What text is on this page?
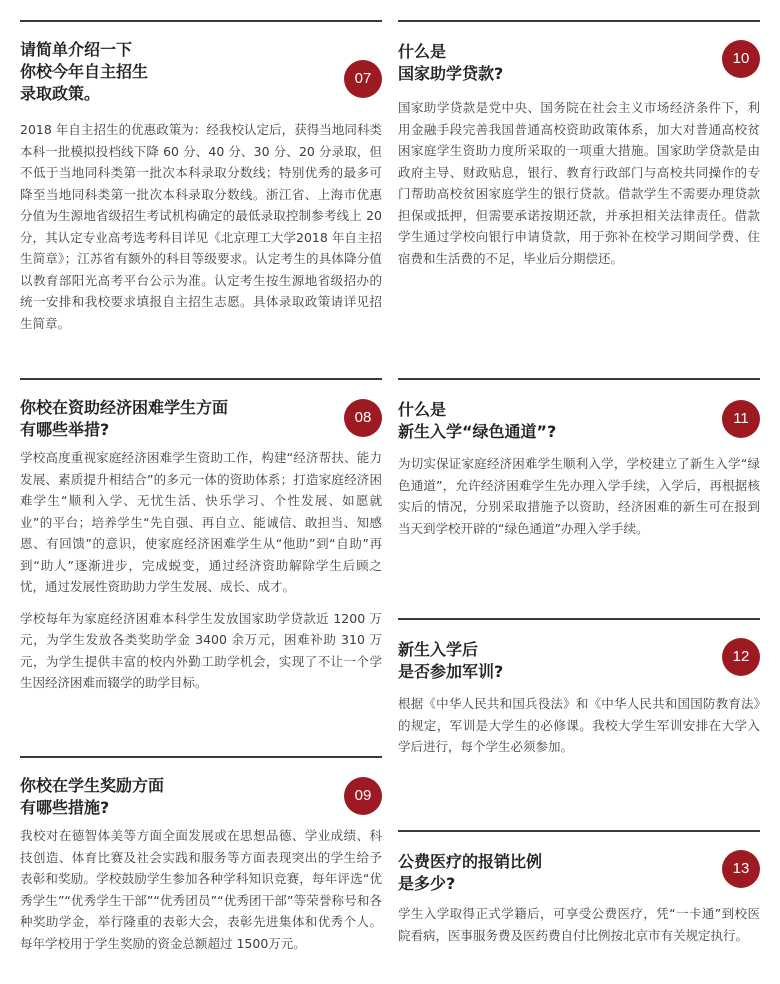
请简单介绍一下
你校今年自主招生
录取政策。
07

2018 年自主招生的优惠政策为：经我校认定后，获得当地同科类本科一批模拟投档线下降 60 分、40 分、30 分、20 分录取，但不低于当地同科类第一批次本科录取分数线；特别优秀的最多可降至当地同科类第一批次本科录取分数线。浙江省、上海市优惠分值为生源地省级招生考试机构确定的最低录取控制参考线上 20 分，其认定专业高考选考科目详见《北京理工大学2018 年自主招生简章》；江苏省有额外的科目等级要求。认定考生的具体降分值以教育部阳光高考平台公示为准。认定考生按生源地省级招办的统一安排和我校要求填报自主招生志愿。具体录取政策请详见招生简章。

你校在资助经济困难学生方面
有哪些举措?
08

学校高度重视家庭经济困难学生资助工作，构建“经济帮扶、能力发展、素质提升相结合”的多元一体的资助体系；打造家庭经济困难学生“顺利入学、无忧生活、快乐学习、个性发展、如愿就业”的平台；培养学生“先自强、再自立、能诚信、敢担当、知感恩、有回馈”的意识，使家庭经济困难学生从“他助”到“自助”再到“助人”逐渐进步，完成蜕变，通过经济资助解除学生后顾之忧，通过发展性资助助力学生发展、成长、成才。

学校每年为家庭经济困难本科学生发放国家助学贷款近 1200 万元，为学生发放各类奖助学金 3400 余万元，困难补助 310 万元，为学生提供丰富的校内外勤工助学机会，实现了不让一个学生因经济困难而辍学的助学目标。

你校在学生奖励方面
有哪些措施?
09

我校对在德智体美等方面全面发展或在思想品德、学业成绩、科技创造、体育比赛及社会实践和服务等方面表现突出的学生给予表彰和奖励。学校鼓励学生参加各种学科知识竞赛，每年评选“优秀学生”“优秀学生干部”“优秀团员”“优秀团干部”等荣誉称号和各种奖助学金，举行隆重的表彰大会，表彰先进集体和优秀个人。每年学校用于学生奖励的资金总额超过 1500万元。

什么是
国家助学贷款?
10

国家助学贷款是党中央、国务院在社会主义市场经济条件下，利用金融手段完善我国普通高校资助政策体系，加大对普通高校贫困家庭学生资助力度所采取的一项重大措施。国家助学贷款是由政府主导、财政贴息，银行、教育行政部门与高校共同操作的专门帮助高校贫困家庭学生的银行贷款。借款学生不需要办理贷款担保或抵押，但需要承诺按期还款，并承担相关法律责任。借款学生通过学校向银行申请贷款，用于弥补在校学习期间学费、住宿费和生活费的不足，毕业后分期偿还。

什么是
新生入学“绿色通道”?
11

为切实保证家庭经济困难学生顺利入学，学校建立了新生入学“绿色通道”，允许经济困难学生先办理入学手续，入学后，再根据核实后的情况，分别采取措施予以资助，经济困难的新生可在报到当天到学校开辟的“绿色通道”办理入学手续。

新生入学后
是否参加军训?
12

根据《中华人民共和国兵役法》和《中华人民共和国国防教育法》的规定，军训是大学生的必修课。我校大学生军训安排在大学入学后进行，每个学生必须参加。

公费医疗的报销比例
是多少?
13

学生入学取得正式学籍后，可享受公费医疗，凭“一卡通”到校医院看病，医事服务费及医药费自付比例按北京市有关规定执行。
